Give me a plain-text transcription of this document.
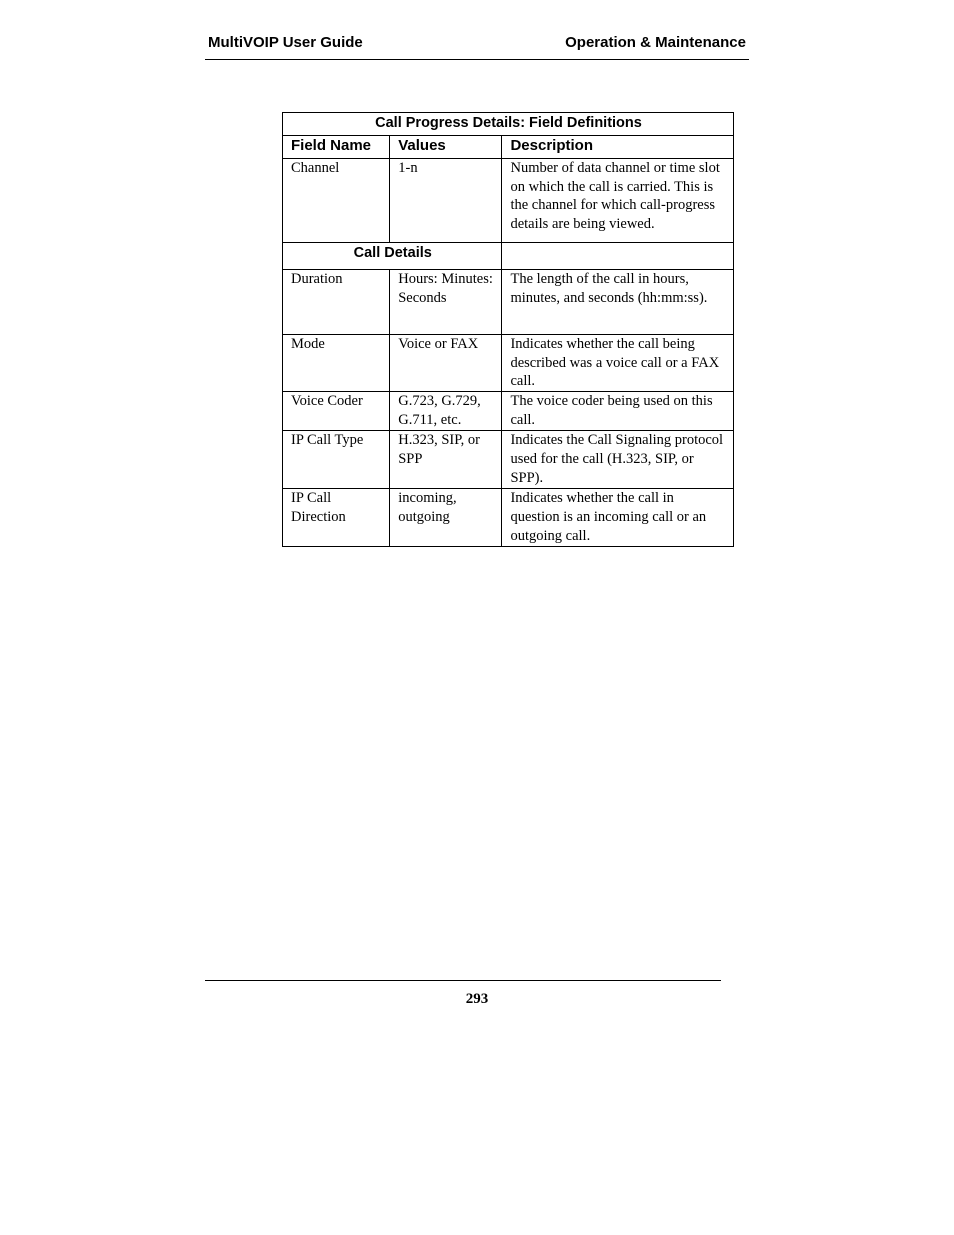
MultiVOIP User Guide	Operation & Maintenance
Call Progress Details: Field Definitions		
Field Name	Values	Description
Channel	1-n	Number of data channel or time slot on which the call is carried. This is the channel for which call-progress details are being viewed.
Call Details		
Duration	Hours: Minutes: Seconds	The length of the call in hours, minutes, and seconds (hh:mm:ss).
Mode	Voice or FAX	Indicates whether the call being described was a voice call or a FAX call.
Voice Coder	G.723, G.729, G.711, etc.	The voice coder being used on this call.
IP Call Type	H.323, SIP, or SPP	Indicates the Call Signaling protocol used for the call (H.323, SIP, or SPP).
IP Call Direction	incoming, outgoing	Indicates whether the call in question is an incoming call or an outgoing call.
293
